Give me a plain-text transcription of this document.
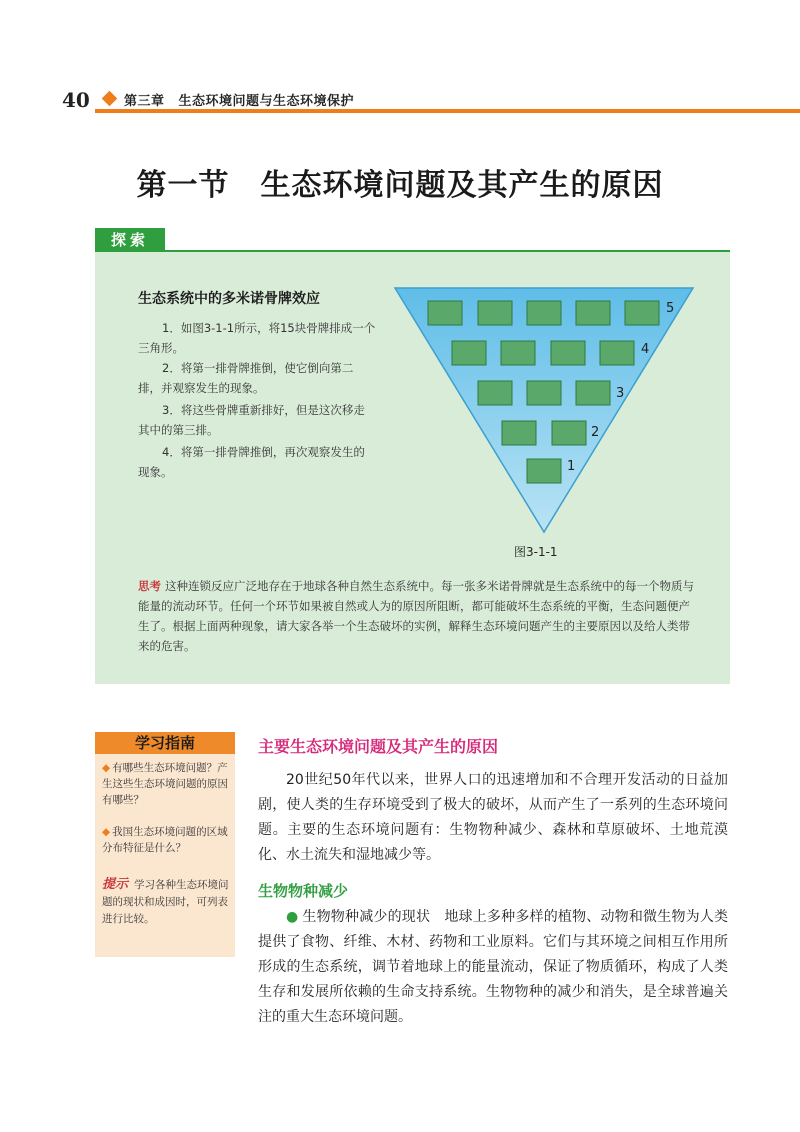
40	第三章 生态环境问题与生态环境保护
第一节　生态环境问题及其产生的原因
探索
生态系统中的多米诺骨牌效应
1．如图3-1-1所示，将15块骨牌排成一个三角形。
2．将第一排骨牌推倒，使它倒向第二排，并观察发生的现象。
3．将这些骨牌重新排好，但是这次移走其中的第三排。
4．将第一排骨牌推倒，再次观察发生的现象。
5
4
3
2
1
图3-1-1
思考 这种连锁反应广泛地存在于地球各种自然生态系统中。每一张多米诺骨牌就是生态系统中的每一个物质与能量的流动环节。任何一个环节如果被自然或人为的原因所阻断，都可能破坏生态系统的平衡，生态问题便产生了。根据上面两种现象，请大家各举一个生态破坏的实例，解释生态环境问题产生的主要原因以及给人类带来的危害。
学习指南
◆ 有哪些生态环境问题？产生这些生态环境问题的原因有哪些？
◆ 我国生态环境问题的区域分布特征是什么？
提示 学习各种生态环境问题的现状和成因时，可列表进行比较。
主要生态环境问题及其产生的原因
20世纪50年代以来，世界人口的迅速增加和不合理开发活动的日益加剧，使人类的生存环境受到了极大的破坏，从而产生了一系列的生态环境问题。主要的生态环境问题有：生物物种减少、森林和草原破坏、土地荒漠化、水土流失和湿地减少等。
生物物种减少
● 生物物种减少的现状　 地球上多种多样的植物、动物和微生物为人类提供了食物、纤维、木材、药物和工业原料。它们与其环境之间相互作用所形成的生态系统，调节着地球上的能量流动，保证了物质循环，构成了人类生存和发展所依赖的生命支持系统。生物物种的减少和消失，是全球普遍关注的重大生态环境问题。
